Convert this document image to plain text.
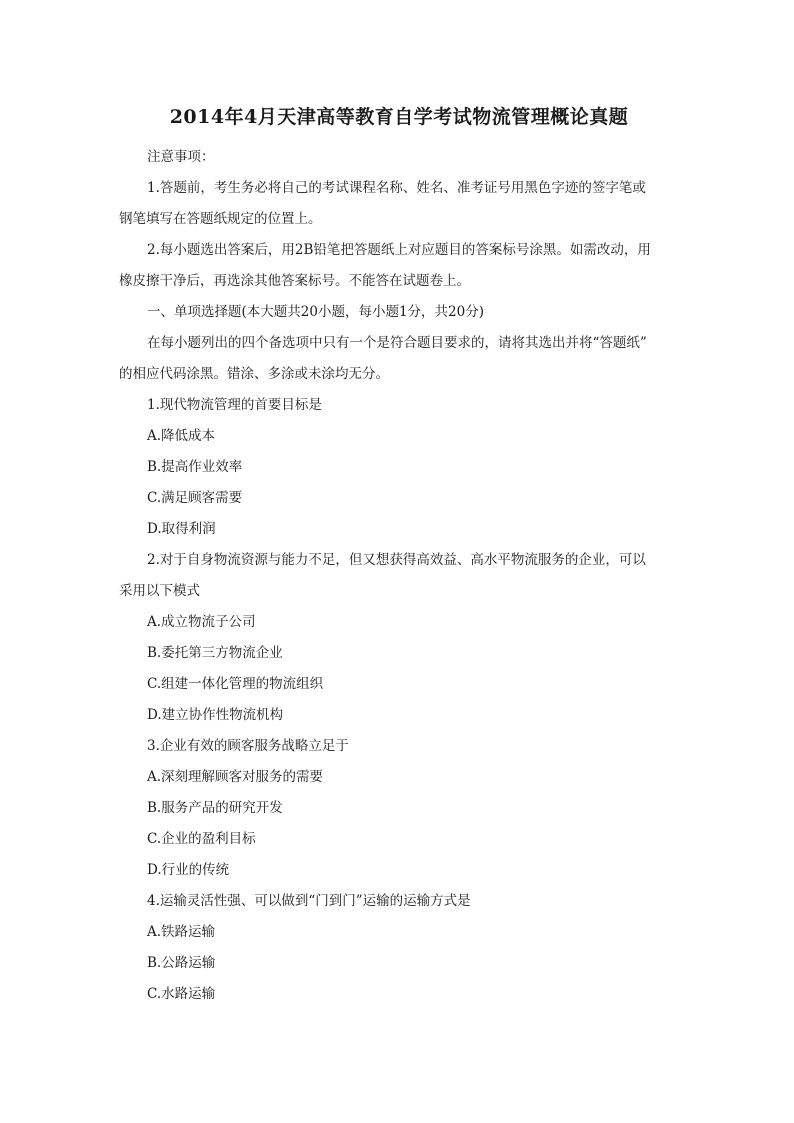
2014年4月天津高等教育自学考试物流管理概论真题
注意事项：
1.答题前，考生务必将自己的考试课程名称、姓名、准考证号用黑色字迹的签字笔或
钢笔填写在答题纸规定的位置上。
2.每小题选出答案后，用2B铅笔把答题纸上对应题目的答案标号涂黑。如需改动，用
橡皮擦干净后，再选涂其他答案标号。不能答在试题卷上。
一、单项选择题(本大题共20小题，每小题1分，共20分)
在每小题列出的四个备选项中只有一个是符合题目要求的，请将其选出并将“答题纸”
的相应代码涂黑。错涂、多涂或未涂均无分。
1.现代物流管理的首要目标是
A.降低成本
B.提高作业效率
C.满足顾客需要
D.取得利润
2.对于自身物流资源与能力不足，但又想获得高效益、高水平物流服务的企业，可以
采用以下模式
A.成立物流子公司
B.委托第三方物流企业
C.组建一体化管理的物流组织
D.建立协作性物流机构
3.企业有效的顾客服务战略立足于
A.深刻理解顾客对服务的需要
B.服务产品的研究开发
C.企业的盈利目标
D.行业的传统
4.运输灵活性强、可以做到“门到门”运输的运输方式是
A.铁路运输
B.公路运输
C.水路运输
